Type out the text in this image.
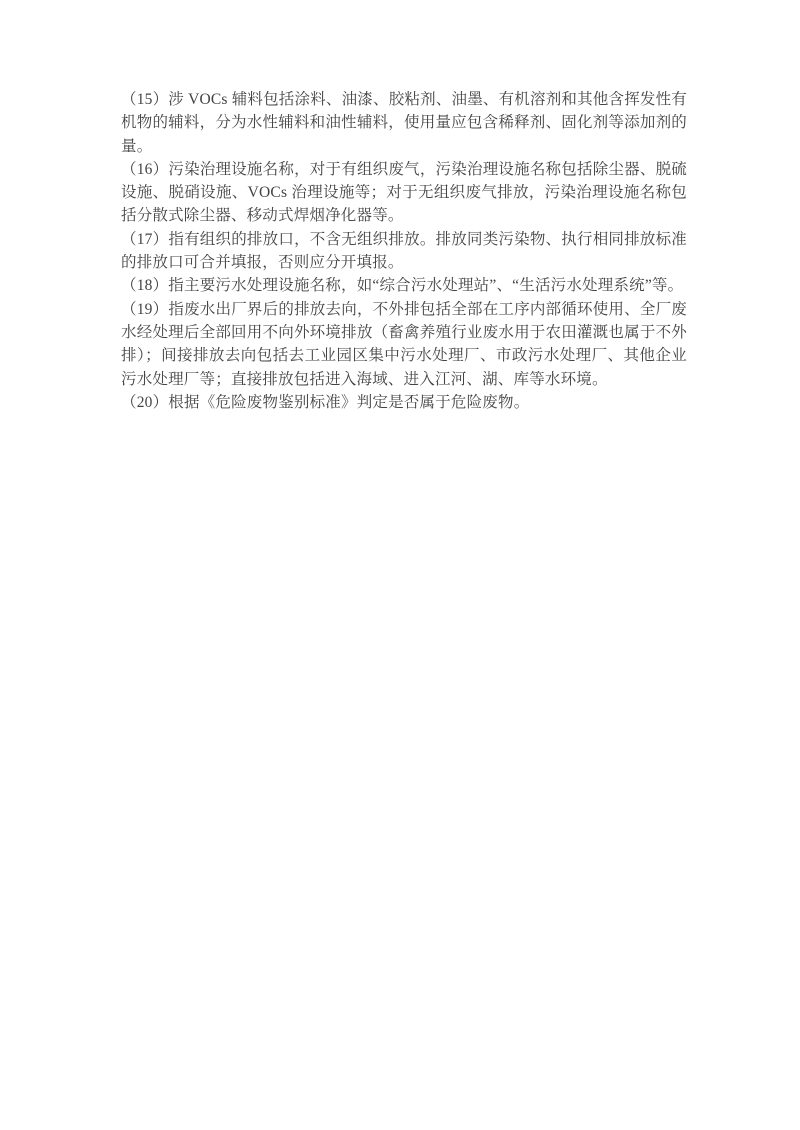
（15）涉 VOCs 辅料包括涂料、油漆、胶粘剂、油墨、有机溶剂和其他含挥发性有机物的辅料，分为水性辅料和油性辅料，使用量应包含稀释剂、固化剂等添加剂的量。

（16）污染治理设施名称，对于有组织废气，污染治理设施名称包括除尘器、脱硫设施、脱硝设施、VOCs 治理设施等；对于无组织废气排放，污染治理设施名称包括分散式除尘器、移动式焊烟净化器等。

（17）指有组织的排放口，不含无组织排放。排放同类污染物、执行相同排放标准的排放口可合并填报，否则应分开填报。

（18）指主要污水处理设施名称，如“综合污水处理站”、“生活污水处理系统”等。

（19）指废水出厂界后的排放去向，不外排包括全部在工序内部循环使用、全厂废水经处理后全部回用不向外环境排放（畜禽养殖行业废水用于农田灌溉也属于不外排）；间接排放去向包括去工业园区集中污水处理厂、市政污水处理厂、其他企业污水处理厂等；直接排放包括进入海域、进入江河、湖、库等水环境。

（20）根据《危险废物鉴别标准》判定是否属于危险废物。
